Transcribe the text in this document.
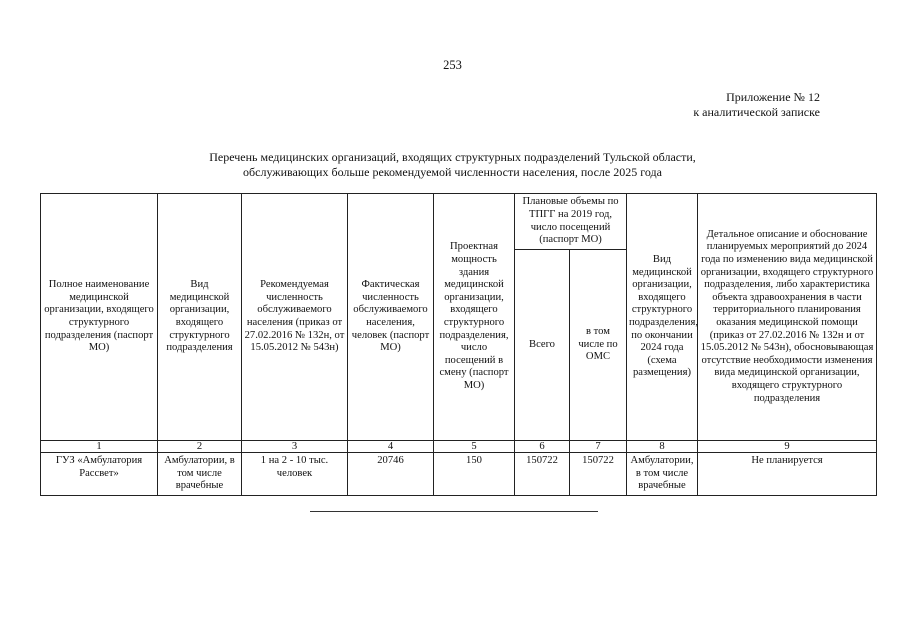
253
Приложение № 12
к аналитической записке
Перечень медицинских организаций, входящих структурных подразделений Тульской области,
обслуживающих больше рекомендуемой численности населения, после 2025 года
Полное наименование медицинской организации, входящего структурного подразделения (паспорт МО)	Вид медицинской организации, входящего структурного подразделения	Рекомендуемая численность обслуживаемого населения (приказ от 27.02.2016 № 132н, от 15.05.2012 № 543н)	Фактическая численность обслуживаемого населения, человек (паспорт МО)	Проектная мощность здания медицинской организации, входящего структурного подразделения, число посещений в смену (паспорт МО)	Плановые объемы по ТПГГ на 2019 год, число посещений (паспорт МО)		Вид медицинской организации, входящего структурного подразделения, по окончании 2024 года (схема размещения)	Детальное описание и обоснование планируемых мероприятий до 2024 года по изменению вида медицинской организации, входящего структурного подразделения, либо характеристика объекта здравоохранения в части территориального планирования оказания медицинской помощи (приказ от 27.02.2016 № 132н и от 15.05.2012 № 543н), обосновывающая отсутствие необходимости изменения вида медицинской организации, входящего структурного подразделения
					Всего	в том числе по ОМС		
1	2	3	4	5	6	7	8	9
ГУЗ «Амбулатория Рассвет»	Амбулатории, в том числе врачебные	1 на 2 - 10 тыс. человек	20746	150	150722	150722	Амбулатории, в том числе врачебные	Не планируется
